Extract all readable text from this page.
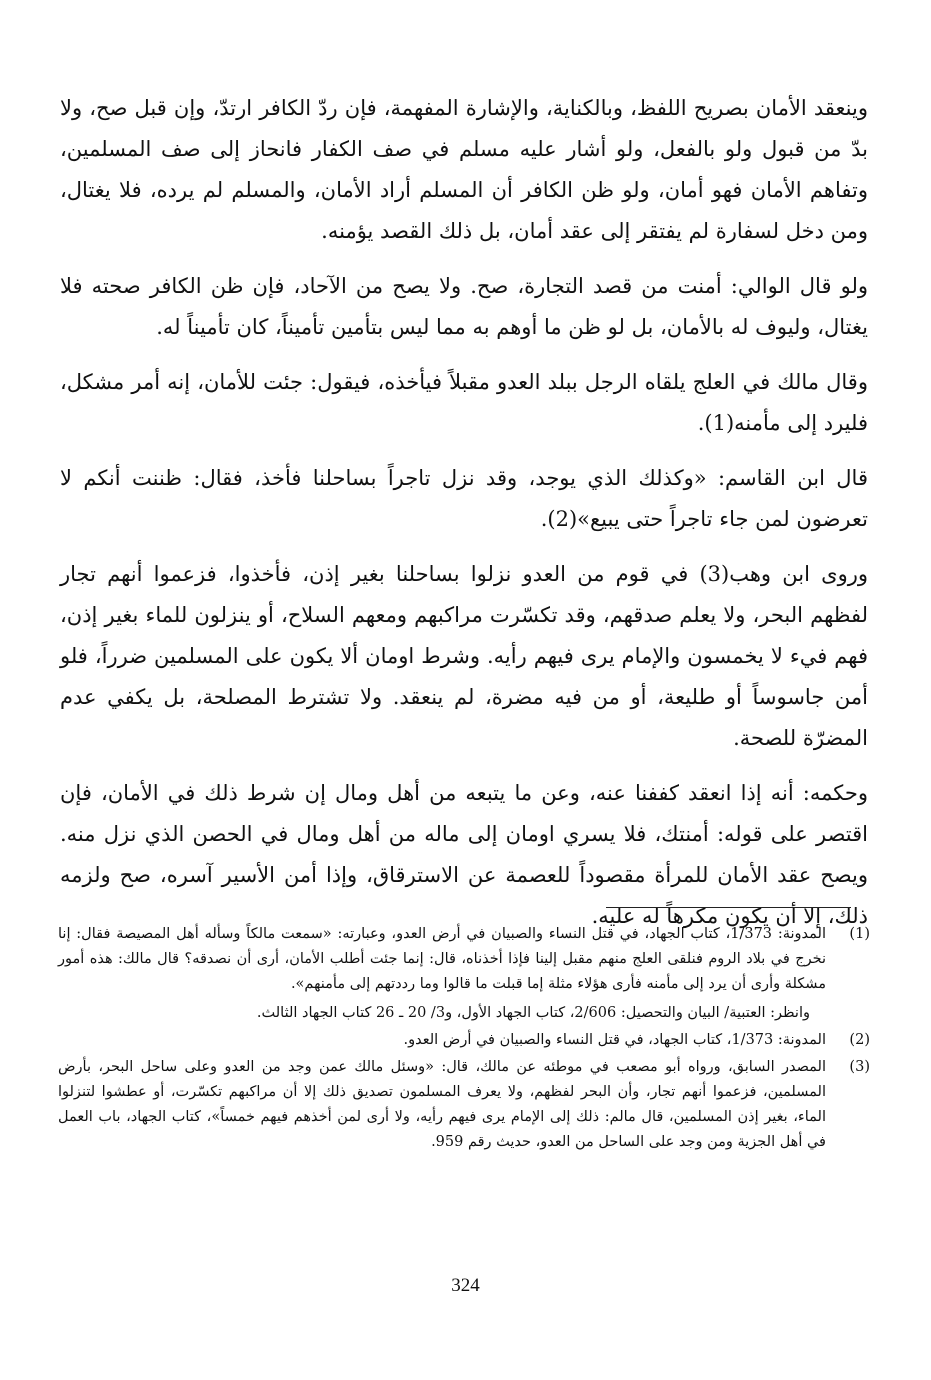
وينعقد الأمان بصريح اللفظ، وبالكناية، والإشارة المفهمة، فإن ردّ الكافر ارتدّ، وإن قبل صح، ولا بدّ من قبول ولو بالفعل، ولو أشار عليه مسلم في صف الكفار فانحاز إلى صف المسلمين، وتفاهم الأمان فهو أمان، ولو ظن الكافر أن المسلم أراد الأمان، والمسلم لم يرده، فلا يغتال، ومن دخل لسفارة لم يفتقر إلى عقد أمان، بل ذلك القصد يؤمنه.

ولو قال الوالي: أمنت من قصد التجارة، صح. ولا يصح من الآحاد، فإن ظن الكافر صحته فلا يغتال، وليوف له بالأمان، بل لو ظن ما أوهم به مما ليس بتأمين تأميناً، كان تأميناً له.

وقال مالك في العلج يلقاه الرجل ببلد العدو مقبلاً فيأخذه، فيقول: جئت للأمان، إنه أمر مشكل، فليرد إلى مأمنه(1).

قال ابن القاسم: «وكذلك الذي يوجد، وقد نزل تاجراً بساحلنا فأخذ، فقال: ظننت أنكم لا تعرضون لمن جاء تاجراً حتى يبيع»(2).

وروى ابن وهب(3) في قوم من العدو نزلوا بساحلنا بغير إذن، فأخذوا، فزعموا أنهم تجار لفظهم البحر، ولا يعلم صدقهم، وقد تكسّرت مراكبهم ومعهم السلاح، أو ينزلون للماء بغير إذن، فهم فيء لا يخمسون والإمام يرى فيهم رأيه. وشرط اومان ألا يكون على المسلمين ضرراً، فلو أمن جاسوساً أو طليعة، أو من فيه مضرة، لم ينعقد. ولا تشترط المصلحة، بل يكفي عدم المضرّة للصحة.

وحكمه: أنه إذا انعقد كففنا عنه، وعن ما يتبعه من أهل ومال إن شرط ذلك في الأمان، فإن اقتصر على قوله: أمنتك، فلا يسري اومان إلى ماله من أهل ومال في الحصن الذي نزل منه. ويصح عقد الأمان للمرأة مقصوداً للعصمة عن الاسترقاق، وإذا أمن الأسير آسره، صح ولزمه ذلك، إلا أن يكون مكرهاً له عليه.

(1)
المدونة: 1/373، كتاب الجهاد، في قتل النساء والصبيان في أرض العدو، وعبارته: «سمعت مالكاً وسأله أهل المصيصة فقال: إنا نخرج في بلاد الروم فنلقى العلج منهم مقبل إلينا فإذا أخذناه، قال: إنما جئت أطلب الأمان، أرى أن نصدقه؟ قال مالك: هذه أمور مشكلة وأرى أن يرد إلى مأمنه فأرى هؤلاء مثلة إما قبلت ما قالوا وما رددتهم إلى مأمنهم».
وانظر: العتبية/ البيان والتحصيل: 2/606، كتاب الجهاد الأول، و3/ 20 ـ 26 كتاب الجهاد الثالث.
(2)
المدونة: 1/373، كتاب الجهاد، في قتل النساء والصبيان في أرض العدو.
(3)
المصدر السابق، ورواه أبو مصعب في موطئه عن مالك، قال: «وسئل مالك عمن وجد من العدو وعلى ساحل البحر، بأرض المسلمين، فزعموا أنهم تجار، وأن البحر لفظهم، ولا يعرف المسلمون تصديق ذلك إلا أن مراكبهم تكسّرت، أو عطشوا لتنزلوا الماء، بغير إذن المسلمين، قال مالم: ذلك إلى الإمام يرى فيهم رأيه، ولا أرى لمن أخذهم فيهم خمساً»، كتاب الجهاد، باب العمل في أهل الجزية ومن وجد على الساحل من العدو، حديث رقم 959.
324
